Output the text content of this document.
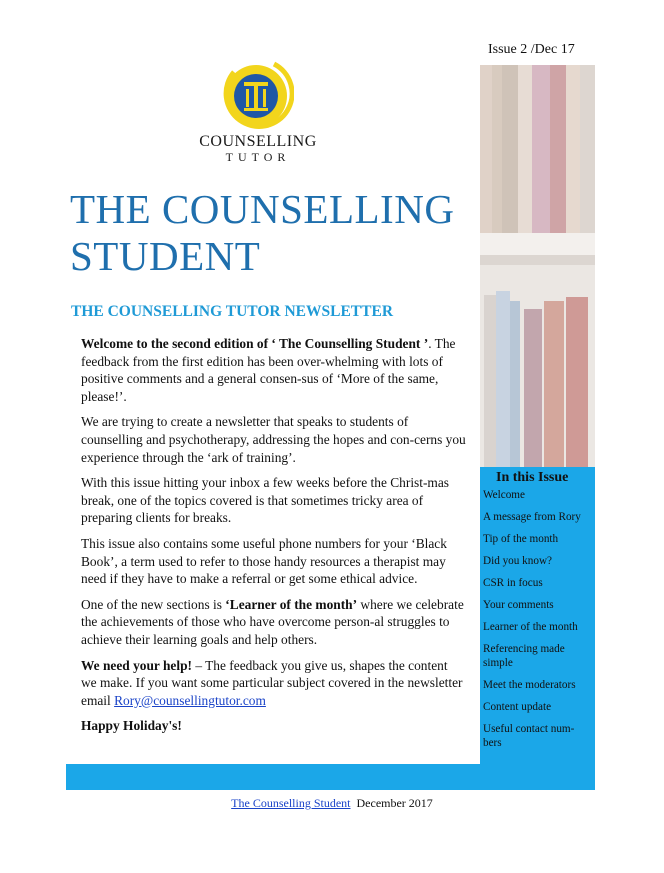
Issue 2 /Dec 17
COUNSELLING
TUTOR
THE COUNSELLING
STUDENT
THE COUNSELLING TUTOR NEWSLETTER

Welcome to the second edition of ‘ The Counselling Student ’. The feedback from the first edition has been over-whelming with lots of positive comments and a general consen-sus of ‘More of the same, please!’.

We are trying to create a newsletter that speaks to students of counselling and psychotherapy, addressing the hopes and con-cerns you experience through the ‘ark of training’.

With this issue hitting your inbox a few weeks before the Christ-mas break, one of the topics covered is that sometimes tricky area of preparing clients for breaks.

This issue also contains some useful phone numbers for your ‘Black Book’, a term used to refer to those handy resources a therapist may need if they have to make a referral or get some ethical advice.

One of the new sections is ‘Learner of the month’ where we celebrate the achievements of those who have overcome person-al struggles to achieve their learning goals and help others.

We need your help! – The feedback you give us, shapes the content we make. If you want some particular subject covered in the newsletter email Rory@counsellingtutor.com

Happy Holiday's!

In this Issue
Welcome
A message from Rory
Tip of the month
Did you know?
CSR in focus
Your comments
Learner of the month
Referencing made simple
Meet the moderators
Content update
Useful contact num-bers
The Counselling Student December 2017
